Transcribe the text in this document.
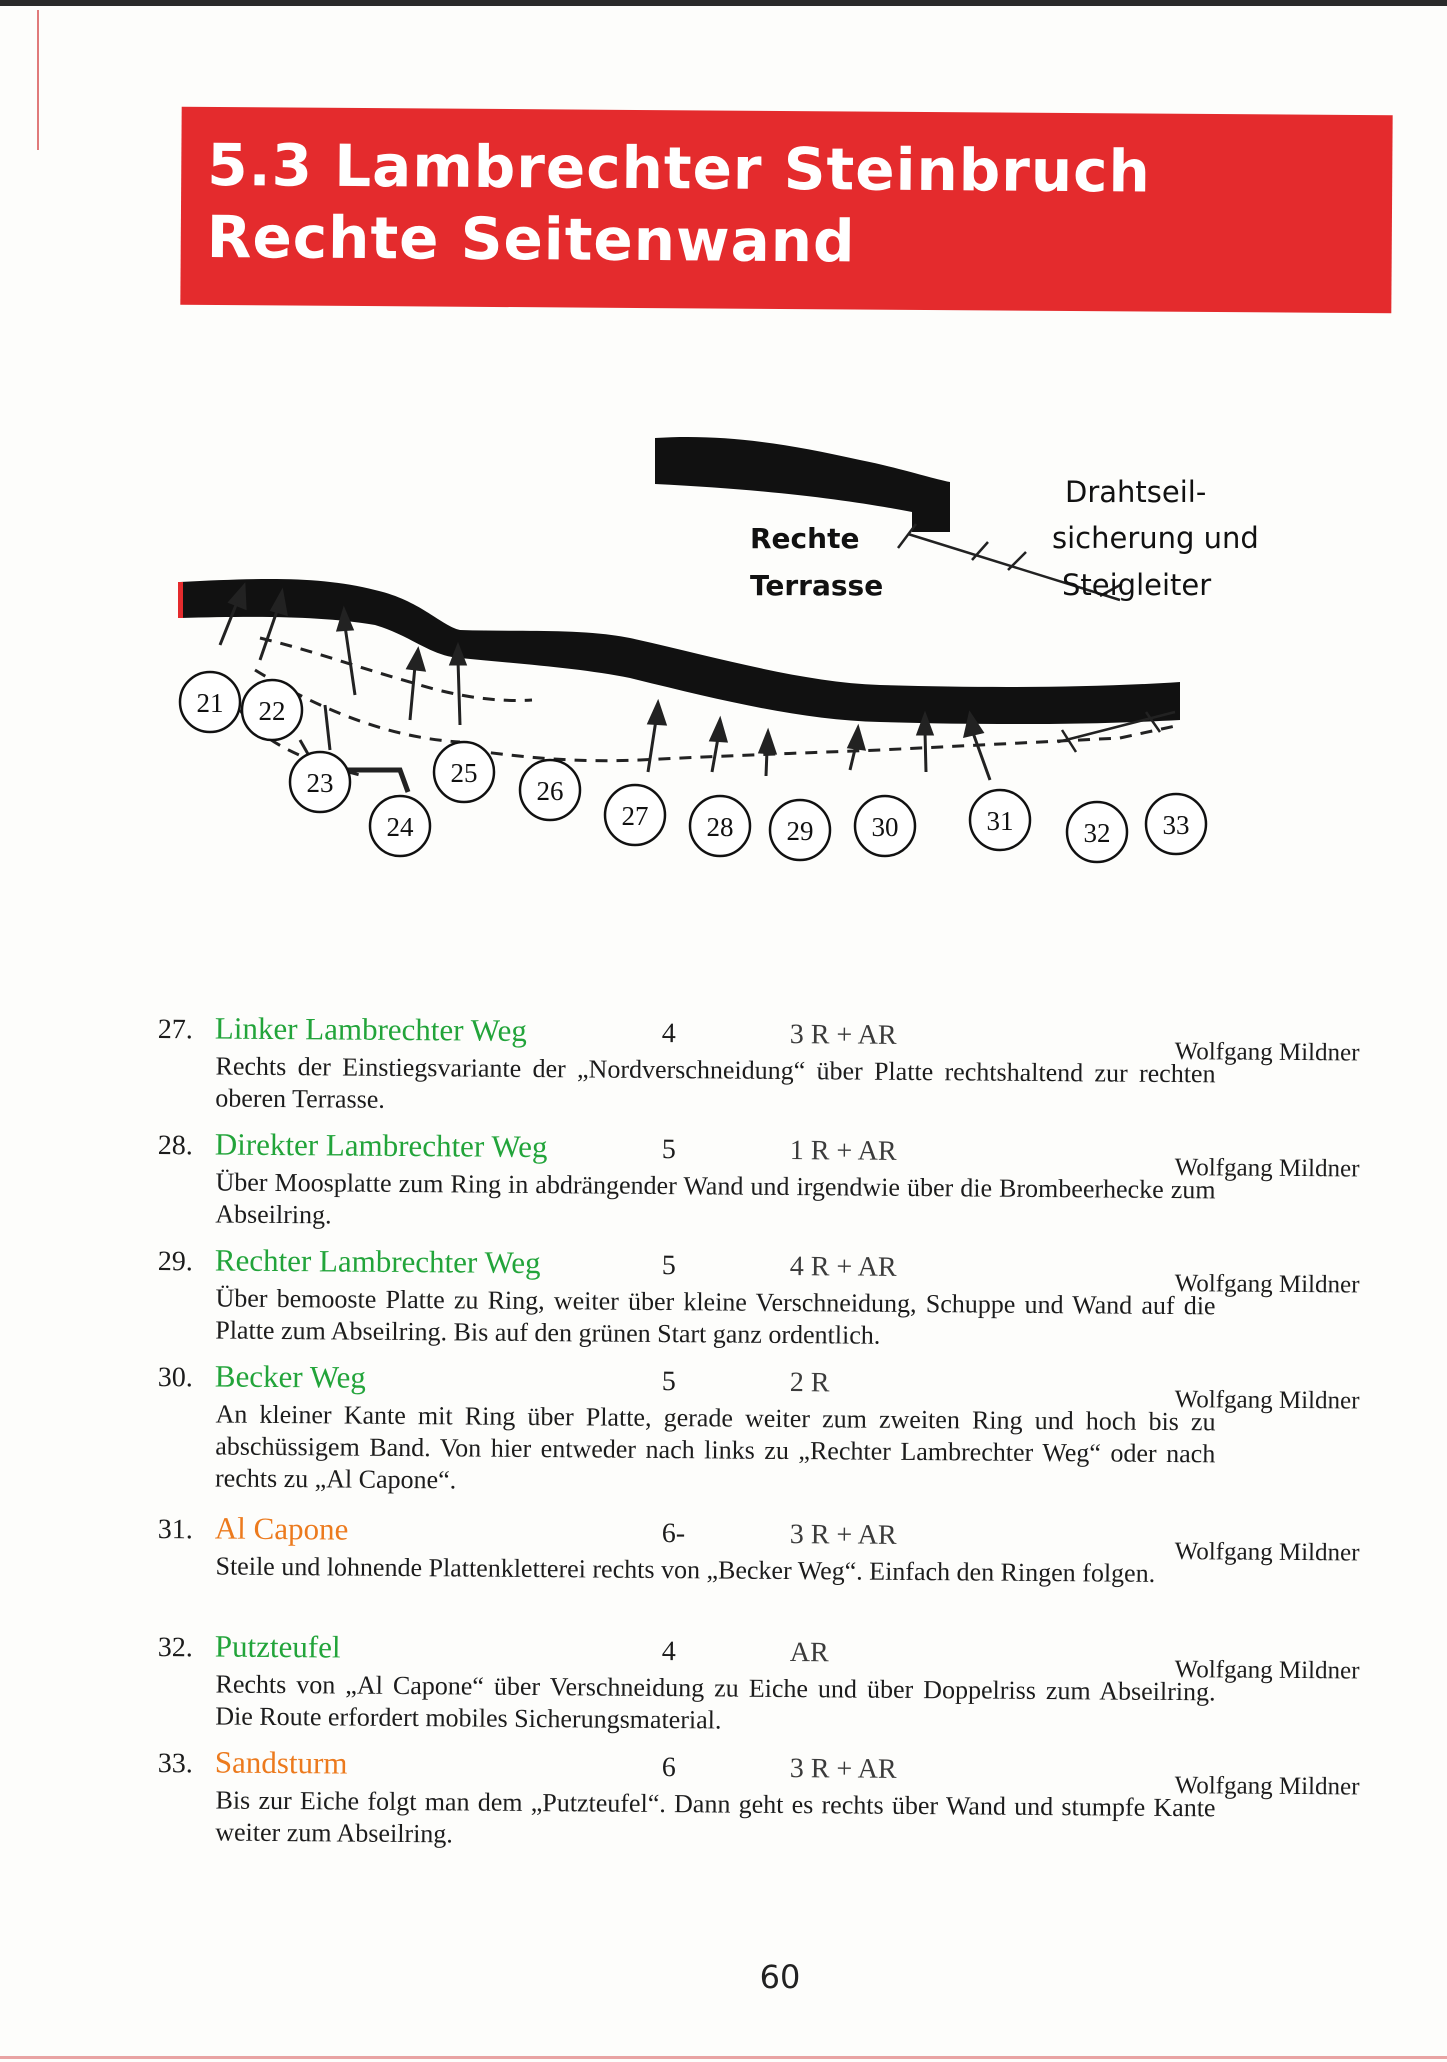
5.3 Lambrechter Steinbruch
Rechte Seitenwand
Rechte
Terrasse
Drahtseil-
sicherung und
Steigleiter
21 22
23
24
25
26
27 28 29 30	31	32 33
27. Linker Lambrechter Weg	4	3 R + AR
Wolfgang Mildner
Rechts der Einstiegsvariante der „Nordverschneidung“ über Platte rechtshaltend zur rechten oberen Terrasse.
28. Direkter Lambrechter Weg	5	1 R + AR
Wolfgang Mildner
Über Moosplatte zum Ring in abdrängender Wand und irgendwie über die Brombeerhecke zum Abseilring.
29. Rechter Lambrechter Weg	5	4 R + AR
Wolfgang Mildner
Über bemooste Platte zu Ring, weiter über kleine Verschneidung, Schuppe und Wand auf die Platte zum Abseilring. Bis auf den grünen Start ganz ordentlich.
30. Becker Weg	5	2 R
Wolfgang Mildner
An kleiner Kante mit Ring über Platte, gerade weiter zum zweiten Ring und hoch bis zu abschüssigem Band. Von hier entweder nach links zu „Rechter Lambrechter Weg“ oder nach rechts zu „Al Capone“.
31. Al Capone	6-	3 R + AR
Wolfgang Mildner
Steile und lohnende Plattenkletterei rechts von „Becker Weg“. Einfach den Ringen folgen.
32. Putzteufel	4	AR
Wolfgang Mildner
Rechts von „Al Capone“ über Verschneidung zu Eiche und über Doppelriss zum Abseilring. Die Route erfordert mobiles Sicherungsmaterial.
33. Sandsturm	6	3 R + AR
Wolfgang Mildner
Bis zur Eiche folgt man dem „Putzteufel“. Dann geht es rechts über Wand und stumpfe Kante weiter zum Abseilring.
60
